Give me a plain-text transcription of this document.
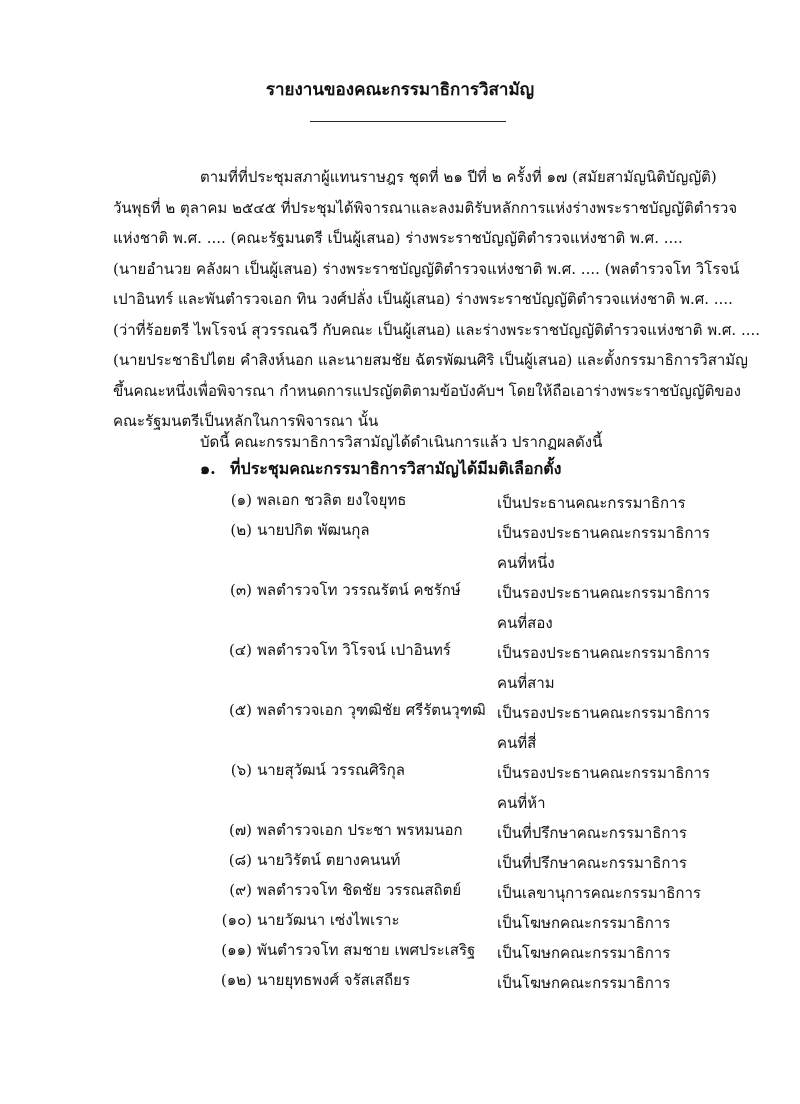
รายงานของคณะกรรมาธิการวิสามัญ
ตามที่ที่ประชุมสภาผู้แทนราษฎร ชุดที่ ๒๑ ปีที่ ๒ ครั้งที่ ๑๗ (สมัยสามัญนิติบัญญัติ)
วันพุธที่ ๒ ตุลาคม ๒๕๔๕ ที่ประชุมได้พิจารณาและลงมติรับหลักการแห่งร่างพระราชบัญญัติตำรวจ
แห่งชาติ พ.ศ. .... (คณะรัฐมนตรี เป็นผู้เสนอ) ร่างพระราชบัญญัติตำรวจแห่งชาติ พ.ศ. ....
(นายอำนวย คลังผา เป็นผู้เสนอ) ร่างพระราชบัญญัติตำรวจแห่งชาติ พ.ศ. .... (พลตำรวจโท วิโรจน์
เปาอินทร์ และพันตำรวจเอก ทิน วงศ์ปลั่ง เป็นผู้เสนอ) ร่างพระราชบัญญัติตำรวจแห่งชาติ พ.ศ. ....
(ว่าที่ร้อยตรี ไพโรจน์ สุวรรณฉวี กับคณะ เป็นผู้เสนอ) และร่างพระราชบัญญัติตำรวจแห่งชาติ พ.ศ. ....
(นายประชาธิปไตย คำสิงห์นอก และนายสมชัย ฉัตรพัฒนศิริ เป็นผู้เสนอ) และตั้งกรรมาธิการวิสามัญ
ขึ้นคณะหนึ่งเพื่อพิจารณา กำหนดการแปรญัตติตามข้อบังคับฯ โดยให้ถือเอาร่างพระราชบัญญัติของ
คณะรัฐมนตรีเป็นหลักในการพิจารณา นั้น
บัดนี้ คณะกรรมาธิการวิสามัญได้ดำเนินการแล้ว ปรากฏผลดังนี้
๑. ที่ประชุมคณะกรรมาธิการวิสามัญได้มีมติเลือกตั้ง
(๑) พลเอก ชวลิต ยงใจยุทธ	เป็นประธานคณะกรรมาธิการ
(๒) นายปกิต พัฒนกุล	เป็นรองประธานคณะกรรมาธิการ
คนที่หนึ่ง
(๓) พลตำรวจโท วรรณรัตน์ คชรักษ์ เป็นรองประธานคณะกรรมาธิการ
คนที่สอง
(๔) พลตำรวจโท วิโรจน์ เปาอินทร์	เป็นรองประธานคณะกรรมาธิการ
คนที่สาม
(๕) พลตำรวจเอก วุฑฒิชัย ศรีรัตนวุฑฒิ เป็นรองประธานคณะกรรมาธิการ
คนที่สี่
(๖) นายสุวัฒน์ วรรณศิริกุล	เป็นรองประธานคณะกรรมาธิการ
คนที่ห้า
(๗) พลตำรวจเอก ประชา พรหมนอก เป็นที่ปรึกษาคณะกรรมาธิการ
(๘) นายวิรัตน์ ตยางคนนท์	เป็นที่ปรึกษาคณะกรรมาธิการ
(๙) พลตำรวจโท ชิดชัย วรรณสถิตย์ เป็นเลขานุการคณะกรรมาธิการ
(๑๐) นายวัฒนา เซ่งไพเราะ	เป็นโฆษกคณะกรรมาธิการ
(๑๑) พันตำรวจโท สมชาย เพศประเสริฐ เป็นโฆษกคณะกรรมาธิการ
(๑๒) นายยุทธพงศ์ จรัสเสถียร	เป็นโฆษกคณะกรรมาธิการ
